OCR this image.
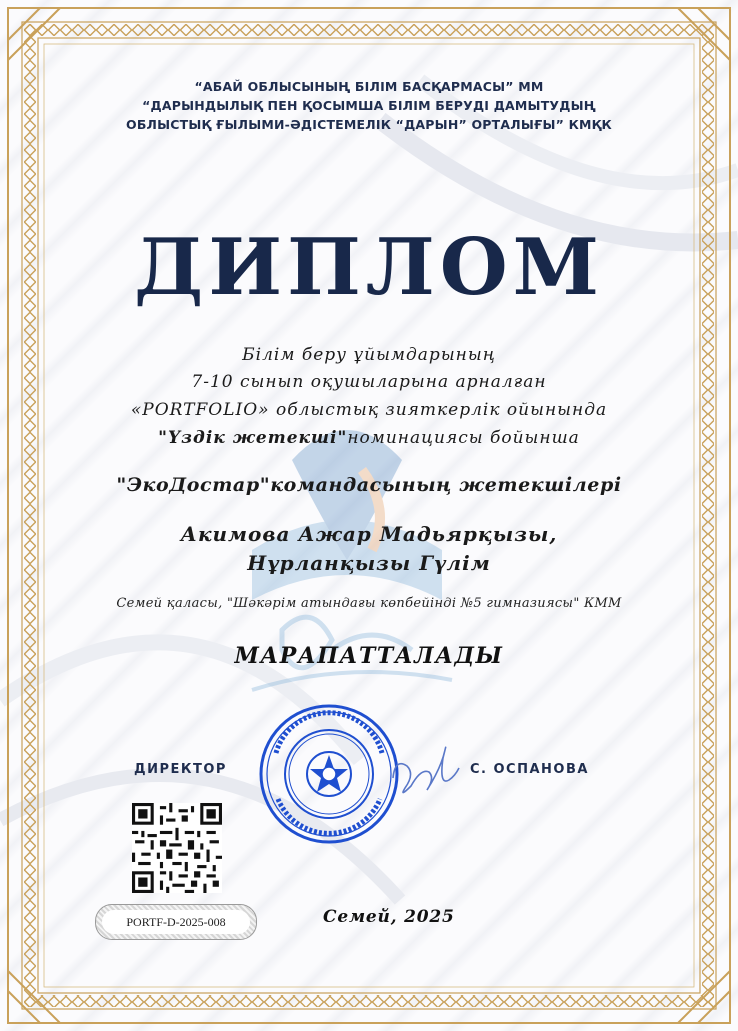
“АБАЙ ОБЛЫСЫНЫҢ БІЛІМ БАСҚАРМАСЫ” ММ
“ДАРЫНДЫЛЫҚ ПЕН ҚОСЫМША БІЛІМ БЕРУДІ ДАМЫТУДЫҢ
ОБЛЫСТЫҚ ҒЫЛЫМИ-ӘДІСТЕМЕЛІК “ДАРЫН” ОРТАЛЫҒЫ” КМҚК
ДИПЛОМ
Білім беру ұйымдарының
7-10 сынып оқушыларына арналған
«PORTFOLIO» облыстық зияткерлік ойынында
"Үздік жетекші"номинациясы бойынша
"ЭкоДостар"командасының жетекшілері
Акимова Ажар Мадьярқызы,
Нұрланқызы Гүлім
Семей қаласы, "Шәкәрім атындағы көпбейінді №5 гимназиясы" КММ
МАРАПАТТАЛАДЫ
ДИРЕКТОР	С. ОСПАНОВА
PORTF-D-2025-008	Семей, 2025
